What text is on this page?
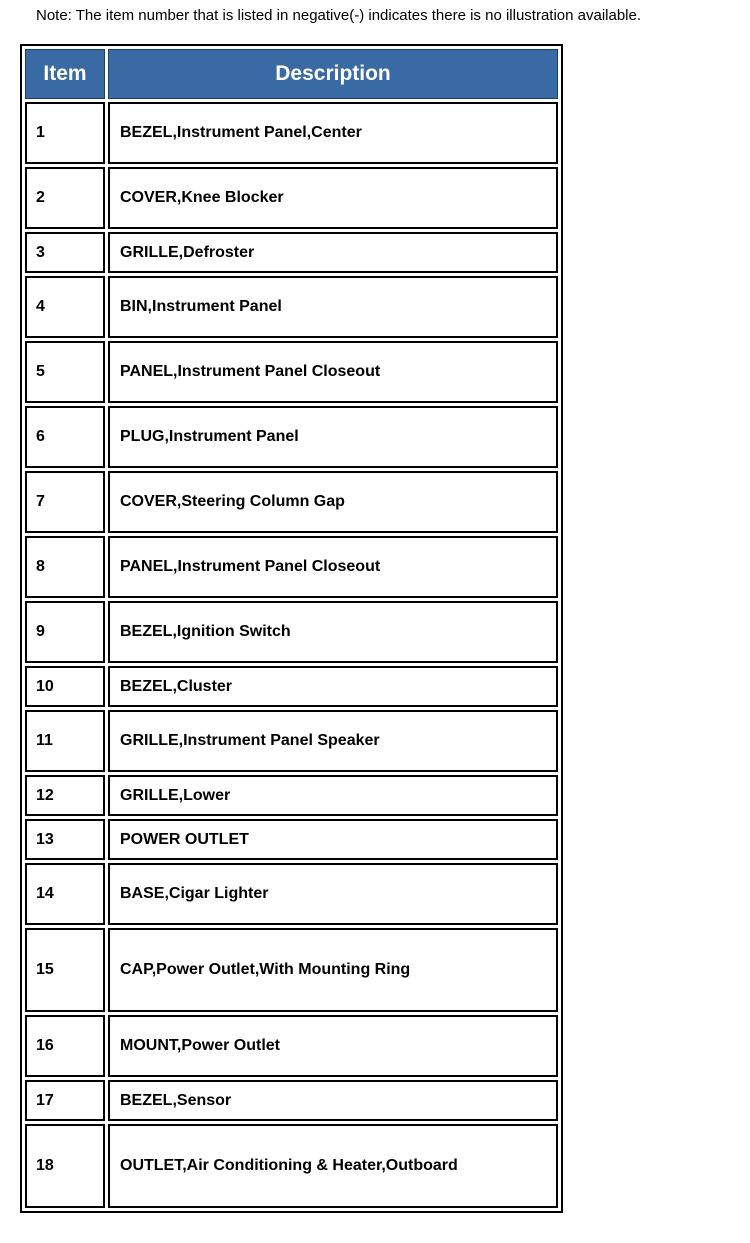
Note: The item number that is listed in negative(-) indicates there is no illustration available.
Item	Description
1	BEZEL,Instrument Panel,Center
2	COVER,Knee Blocker
3	GRILLE,Defroster
4	BIN,Instrument Panel
5	PANEL,Instrument Panel Closeout
6	PLUG,Instrument Panel
7	COVER,Steering Column Gap
8	PANEL,Instrument Panel Closeout
9	BEZEL,Ignition Switch
10	BEZEL,Cluster
11	GRILLE,Instrument Panel Speaker
12	GRILLE,Lower
13	POWER OUTLET
14	BASE,Cigar Lighter
15	CAP,Power Outlet,With Mounting Ring
16	MOUNT,Power Outlet
17	BEZEL,Sensor
18	OUTLET,Air Conditioning & Heater,Outboard
